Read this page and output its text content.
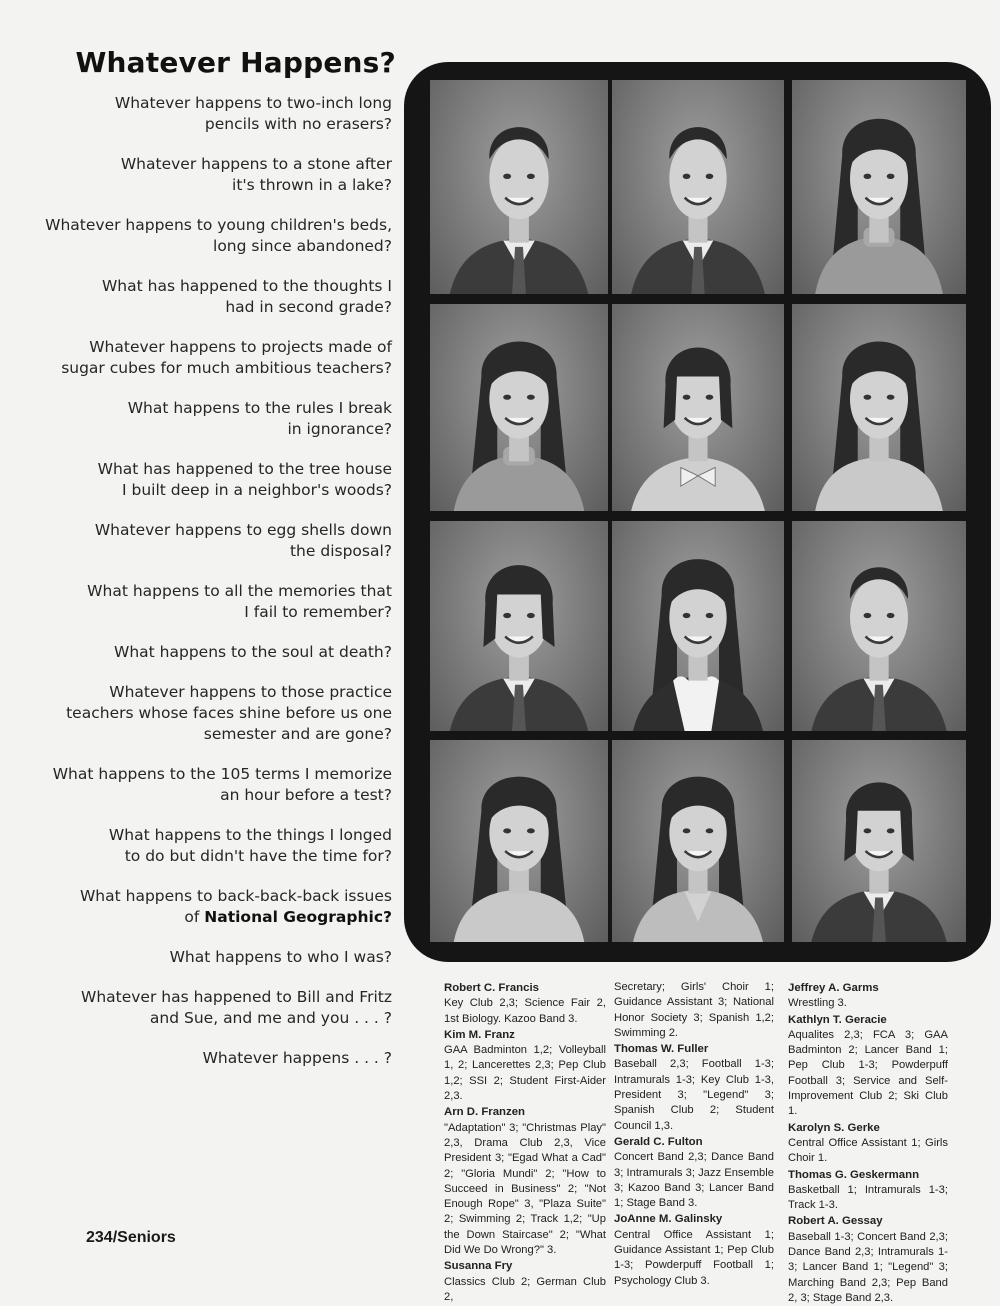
Whatever Happens?
Whatever happens to two-inch long
pencils with no erasers?
Whatever happens to a stone after
it's thrown in a lake?
Whatever happens to young children's beds,
long since abandoned?
What has happened to the thoughts I
had in second grade?
Whatever happens to projects made of
sugar cubes for much ambitious teachers?
What happens to the rules I break
in ignorance?
What has happened to the tree house
I built deep in a neighbor's woods?
Whatever happens to egg shells down
the disposal?
What happens to all the memories that
I fail to remember?
What happens to the soul at death?
Whatever happens to those practice
teachers whose faces shine before us one
semester and are gone?
What happens to the 105 terms I memorize
an hour before a test?
What happens to the things I longed
to do but didn't have the time for?
What happens to back-back-back issues
of National Geographic?
What happens to who I was?
Whatever has happened to Bill and Fritz
and Sue, and me and you . . . ?
Whatever happens . . . ?
Robert C. Francis
Key Club 2,3; Science Fair 2, 1st Biology. Kazoo Band 3.
Kim M. Franz
GAA Badminton 1,2; Volleyball 1, 2; Lancerettes 2,3; Pep Club 1,2; SSI 2; Student First-Aider 2,3.
Arn D. Franzen
"Adaptation" 3; "Christmas Play" 2,3, Drama Club 2,3, Vice President 3; "Egad What a Cad" 2; "Gloria Mundi" 2; "How to Succeed in Business" 2; "Not Enough Rope" 3, "Plaza Suite" 2; Swimming 2; Track 1,2; "Up the Down Staircase" 2; "What Did We Do Wrong?" 3.
Susanna Fry
Classics Club 2; German Club 2,
Secretary; Girls' Choir 1; Guidance Assistant 3; National Honor Society 3; Spanish 1,2; Swimming 2.
Thomas W. Fuller
Baseball 2,3; Football 1-3; Intramurals 1-3; Key Club 1-3, President 3; "Legend" 3; Spanish Club 2; Student Council 1,3.
Gerald C. Fulton
Concert Band 2,3; Dance Band 3; Intramurals 3; Jazz Ensemble 3; Kazoo Band 3; Lancer Band 1; Stage Band 3.
JoAnne M. Galinsky
Central Office Assistant 1; Guidance Assistant 1; Pep Club 1-3; Powderpuff Football 1; Psychology Club 3.
Jeffrey A. Garms
Wrestling 3.
Kathlyn T. Geracie
Aqualites 2,3; FCA 3; GAA Badminton 2; Lancer Band 1; Pep Club 1-3; Powderpuff Football 3; Service and Self-Improvement Club 2; Ski Club 1.
Karolyn S. Gerke
Central Office Assistant 1; Girls Choir 1.
Thomas G. Geskermann
Basketball 1; Intramurals 1-3; Track 1-3.
Robert A. Gessay
Baseball 1-3; Concert Band 2,3; Dance Band 2,3; Intramurals 1-3; Lancer Band 1; "Legend" 3; Marching Band 2,3; Pep Band 2, 3; Stage Band 2,3.
234/Seniors
